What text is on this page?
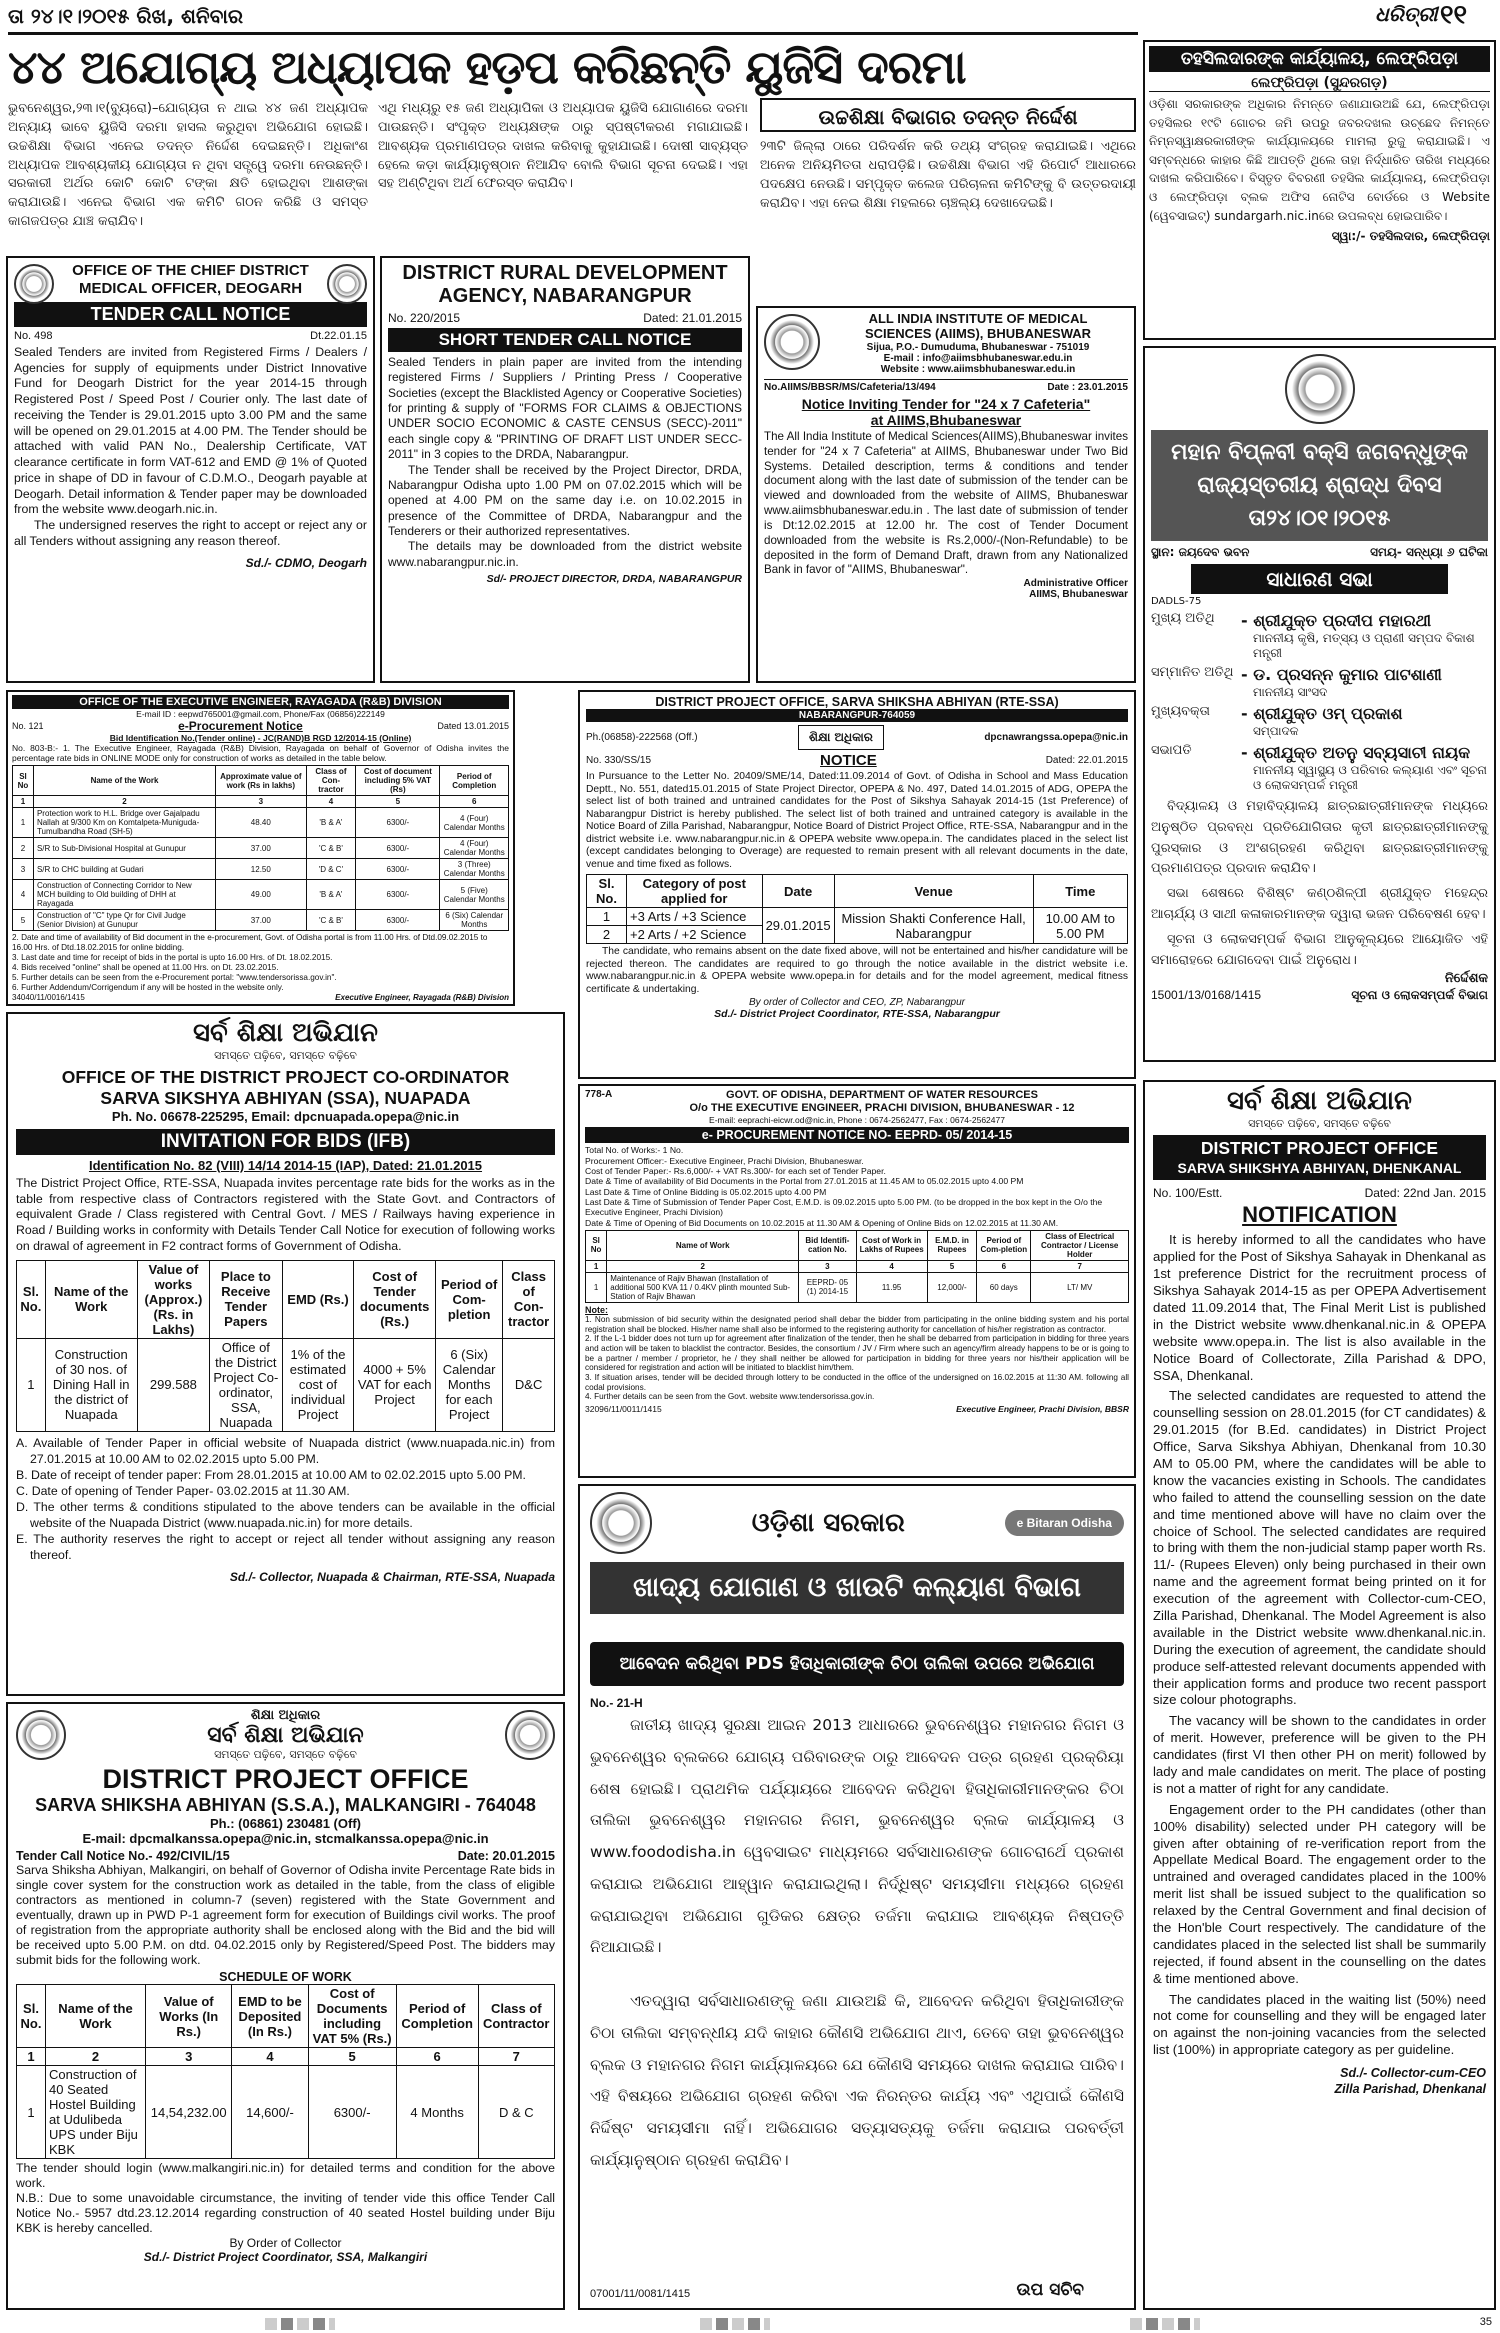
ତା ୨୪।୧।୨୦୧୫ ରିଖ, ଶନିବାର	ଧରିତ୍ରୀ ୧୧
୪୪ ଅଯୋଗ୍ୟ ଅଧ୍ୟାପକ ହଡ଼ପ କରିଛନ୍ତି ୟୁଜିସି ଦରମା
ଭୁବନେଶ୍ୱର,୨୩।୧(ବ୍ୟୁରୋ)–ଯୋଗ୍ୟତା ନ ଥାଇ ୪୪ ଜଣ ଅଧ୍ୟାପକ ଅନ୍ୟାୟ ଭାବେ ୟୁଜିସି ଦରମା ହାସଲ କରୁଥିବା ଅଭିଯୋଗ ହୋଇଛି। ଉଚ୍ଚଶିକ୍ଷା ବିଭାଗ ଏନେଇ ତଦନ୍ତ ନିର୍ଦ୍ଦେଶ ଦେଇଛନ୍ତି। ଅଧିକାଂଶ ଅଧ୍ୟାପକ ଆବଶ୍ୟକୀୟ ଯୋଗ୍ୟତା ନ ଥିବା ସତ୍ତ୍ୱେ ଦରମା ନେଉଛନ୍ତି। ସରକାରୀ ଅର୍ଥର କୋଟି କୋଟି ଟଙ୍କା କ୍ଷତି ହୋଇଥିବା ଆଶଙ୍କା କରାଯାଉଛି। ଏନେଇ ବିଭାଗ ଏକ କମିଟି ଗଠନ କରିଛି ଓ ସମସ୍ତ କାଗଜପତ୍ର ଯାଞ୍ଚ କରାଯିବ।
ଏଥି ମଧ୍ୟରୁ ୧୫ ଜଣ ଅଧ୍ୟାପିକା ଓ ଅଧ୍ୟାପକ ୟୁଜିସି ଯୋଗାଣରେ ଦରମା ପାଉଛନ୍ତି। ସଂପୃକ୍ତ ଅଧ୍ୟକ୍ଷଙ୍କ ଠାରୁ ସ୍ପଷ୍ଟୀକରଣ ମଗାଯାଇଛି। ଆବଶ୍ୟକ ପ୍ରମାଣପତ୍ର ଦାଖଲ କରିବାକୁ କୁହାଯାଇଛି। ଦୋଷୀ ସାବ୍ୟସ୍ତ ହେଲେ କଡ଼ା କାର୍ଯ୍ୟାନୁଷ୍ଠାନ ନିଆଯିବ ବୋଲି ବିଭାଗ ସୂଚନା ଦେଇଛି। ଏହା ସହ ଅଣ୍ଟିଥିବା ଅର୍ଥ ଫେରସ୍ତ କରାଯିବ।
ଉଚ୍ଚଶିକ୍ଷା ବିଭାଗର ତଦନ୍ତ ନିର୍ଦ୍ଦେଶ
୨୩ଟି ଜିଲ୍ଲା ଠାରେ ପରିଦର୍ଶନ କରି ତଥ୍ୟ ସଂଗ୍ରହ କରାଯାଇଛି। ଏଥିରେ ଅନେକ ଅନିୟମିତତା ଧରାପଡ଼ିଛି। ଉଚ୍ଚଶିକ୍ଷା ବିଭାଗ ଏହି ରିପୋର୍ଟ ଆଧାରରେ ପଦକ୍ଷେପ ନେଉଛି। ସମ୍ପୃକ୍ତ କଲେଜ ପରିଚାଳନା କମିଟିଙ୍କୁ ବି ଉତ୍ତରଦାୟୀ କରାଯିବ। ଏହା ନେଇ ଶିକ୍ଷା ମହଲରେ ଚାଞ୍ଚଲ୍ୟ ଦେଖାଦେଇଛି।
ତହସିଲଦାରଙ୍କ କାର୍ଯ୍ୟାଳୟ, ଲେଫ୍ରିପଡ଼ା
ଲେଫ୍ରିପଡ଼ା (ସୁନ୍ଦରଗଡ଼)

ଓଡ଼ିଶା ସରକାରଙ୍କ ଅଧିକାର ନିମନ୍ତେ ଜଣାଯାଉଅଛି ଯେ, ଲେଫ୍ରିପଡ଼ା ତହସିଲର ୧୯ଟି ଗୋଚର ଜମି ଉପରୁ ଜବରଦଖଲ ଉଚ୍ଛେଦ ନିମନ୍ତେ ନିମ୍ନସ୍ୱାକ୍ଷରକାରୀଙ୍କ କାର୍ଯ୍ୟାଳୟରେ ମାମଲା ରୁଜୁ କରାଯାଇଛି। ଏ ସମ୍ବନ୍ଧରେ କାହାର କିଛି ଆପତ୍ତି ଥିଲେ ତାହା ନିର୍ଦ୍ଧାରିତ ତାରିଖ ମଧ୍ୟରେ ଦାଖଲ କରିପାରିବେ। ବିସ୍ତୃତ ବିବରଣୀ ତହସିଲ କାର୍ଯ୍ୟାଳୟ, ଲେଫ୍ରିପଡ଼ା ଓ ଲେଫ୍ରିପଡ଼ା ବ୍ଲକ ଅଫିସ ନୋଟିସ ବୋର୍ଡରେ ଓ Website (ୱେବସାଇଟ୍) sundargarh.nic.inରେ ଉପଲବ୍ଧ ହୋଇପାରିବ।

ସ୍ୱା:/- ତହସିଲଦାର, ଲେଫ୍ରିପଡ଼ା
OFFICE OF THE CHIEF DISTRICT
MEDICAL OFFICER, DEOGARH
TENDER CALL NOTICE
No. 498	Dt.22.01.15

Sealed Tenders are invited from Registered Firms / Dealers / Agencies for supply of equipments under District Innovative Fund for Deogarh District for the year 2014-15 through Registered Post / Speed Post / Courier only. The last date of receiving the Tender is 29.01.2015 upto 3.00 PM and the same will be opened on 29.01.2015 at 4.00 PM. The Tender should be attached with valid PAN No., Dealership Certificate, VAT clearance certificate in form VAT-612 and EMD @ 1% of Quoted price in shape of DD in favour of C.D.M.O., Deogarh payable at Deogarh. Detail information & Tender paper may be downloaded from the website www.deogarh.nic.in.

The undersigned reserves the right to accept or reject any or all Tenders without assigning any reason thereof.

Sd./- CDMO, Deogarh
DISTRICT RURAL DEVELOPMENT
AGENCY, NABARANGPUR
No. 220/2015	Dated: 21.01.2015
SHORT TENDER CALL NOTICE

Sealed Tenders in plain paper are invited from the intending registered Firms / Suppliers / Printing Press / Cooperative Societies (except the Blacklisted Agency or Cooperative Societies) for printing & supply of "FORMS FOR CLAIMS & OBJECTIONS UNDER SOCIO ECONOMIC & CASTE CENSUS (SECC)-2011" each single copy & "PRINTING OF DRAFT LIST UNDER SECC-2011" in 3 copies to the DRDA, Nabarangpur.

The Tender shall be received by the Project Director, DRDA, Nabarangpur Odisha upto 1.00 PM on 07.02.2015 which will be opened at 4.00 PM on the same day i.e. on 10.02.2015 in presence of the Committee of DRDA, Nabarangpur and the Tenderers or their authorized representatives.

The details may be downloaded from the district website www.nabarangpur.nic.in.

Sd/- PROJECT DIRECTOR, DRDA, NABARANGPUR
ALL INDIA INSTITUTE OF MEDICAL
SCIENCES (AIIMS), BHUBANESWAR
Sijua, P.O.- Dumuduma, Bhubaneswar - 751019
E-mail : info@aiimsbhubaneswar.edu.in
Website : www.aiimsbhubaneswar.edu.in
No.AIIMS/BBSR/MS/Cafeteria/13/494	Date : 23.01.2015
Notice Inviting Tender for "24 x 7 Cafeteria"
at AIIMS,Bhubaneswar

The All India Institute of Medical Sciences(AIIMS),Bhubaneswar invites tender for "24 x 7 Cafeteria" at AIIMS, Bhubaneswar under Two Bid Systems. Detailed description, terms & conditions and tender document along with the last date of submission of the tender can be viewed and downloaded from the website of AIIMS, Bhubaneswar www.aiimsbhubaneswar.edu.in . The last date of submission of tender is Dt:12.02.2015 at 12.00 hr. The cost of Tender Document downloaded from the website is Rs.2,000/-(Non-Refundable) to be deposited in the form of Demand Draft, drawn from any Nationalized Bank in favor of "AIIMS, Bhubaneswar".

Administrative Officer
AIIMS, Bhubaneswar
ମହାନ ବିପ୍ଳବୀ ବକ୍ସି ଜଗବନ୍ଧୁଙ୍କ
ରାଜ୍ୟସ୍ତରୀୟ ଶ୍ରାଦ୍ଧ ଦିବସ
ତା୨୪।୦୧।୨୦୧୫
ସ୍ଥାନ: ଜୟଦେବ ଭବନ	ସମୟ- ସନ୍ଧ୍ୟା ୬ ଘଟିକା
ସାଧାରଣ ସଭା
DADLS-75
ମୁଖ୍ୟ ଅତିଥି	- ଶ୍ରୀଯୁକ୍ତ ପ୍ରଦୀପ ମହାରଥୀ
ମାନନୀୟ କୃଷି, ମତ୍ସ୍ୟ ଓ ପ୍ରାଣୀ ସମ୍ପଦ ବିକାଶ ମନ୍ତ୍ରୀ
ସମ୍ମାନିତ ଅତିଥି - ଡ. ପ୍ରସନ୍ନ କୁମାର ପାଟଶାଣୀ
ମାନନୀୟ ସାଂସଦ
ମୁଖ୍ୟବକ୍ତା	- ଶ୍ରୀଯୁକ୍ତ ଓମ୍ ପ୍ରକାଶ
ସମ୍ପାଦକ
ସଭାପତି	- ଶ୍ରୀଯୁକ୍ତ ଅତନୁ ସବ୍ୟସାଚୀ ନାୟକ
ମାନନୀୟ ସ୍ୱାସ୍ଥ୍ୟ ଓ ପରିବାର କଲ୍ୟାଣ ଏବଂ ସୂଚନା ଓ ଲୋକସମ୍ପର୍କ ମନ୍ତ୍ରୀ

ବିଦ୍ୟାଳୟ ଓ ମହାବିଦ୍ୟାଳୟ ଛାତ୍ରଛାତ୍ରୀମାନଙ୍କ ମଧ୍ୟରେ ଅନୁଷ୍ଠିତ ପ୍ରବନ୍ଧ ପ୍ରତିଯୋଗିତାର କୃତୀ ଛାତ୍ରଛାତ୍ରୀମାନଙ୍କୁ ପୁରସ୍କାର ଓ ଅଂଶଗ୍ରହଣ କରିଥିବା ଛାତ୍ରଛାତ୍ରୀମାନଙ୍କୁ ପ୍ରମାଣପତ୍ର ପ୍ରଦାନ କରାଯିବ।

ସଭା ଶେଷରେ ବିଶିଷ୍ଟ କଣ୍ଠଶିଳ୍ପୀ ଶ୍ରୀଯୁକ୍ତ ମହେନ୍ଦ୍ର ଆଚାର୍ଯ୍ୟ ଓ ସାଥୀ କଳାକାରମାନଙ୍କ ଦ୍ୱାରା ଭଜନ ପରିବେଷଣ ହେବ।

ସୂଚନା ଓ ଲୋକସମ୍ପର୍କ ବିଭାଗ ଆନୁକୂଲ୍ୟରେ ଆୟୋଜିତ ଏହି ସମାରୋହରେ ଯୋଗଦେବା ପାଇଁ ଅନୁରୋଧ।

ନିର୍ଦ୍ଦେଶକ
15001/13/0168/1415	ସୂଚନା ଓ ଲୋକସମ୍ପର୍କ ବିଭାଗ
OFFICE OF THE EXECUTIVE ENGINEER, RAYAGADA (R&B) DIVISION
E-mail ID : eepwd765001@gmail.com, Phone/Fax (06856)222149
No. 121	e-Procurement Notice	Dated 13.01.2015
Bid Identification No.(Tender online) - JC(RAND)B RGD 12/2014-15 (Online)

No. 803-B:- 1. The Executive Engineer, Rayagada (R&B) Division, Rayagada on behalf of Governor of Odisha invites the percentage rate bids in ONLINE MODE only for construction of works as detailed in the table below.

Sl No	Name of the Work	Approximate value of work (Rs in lakhs)	Class of Con-tractor	Cost of document including 5% VAT (Rs)	Period of Completion
1	2	3	4	5	6
1	Protection work to H.L. Bridge over Gajalpadu Nallah at 9/300 Km on Komtalpeta-Muniguda- Tumulbandha Road (SH-5)	48.40	'B & A'	6300/-	4 (Four) Calendar Months
2	S/R to Sub-Divisional Hospital at Gunupur	37.00	'C & B'	6300/-	4 (Four) Calendar Months
3	S/R to CHC building at Gudari	12.50	'D & C'	6300/-	3 (Three) Calendar Months
4	Construction of Connecting Corridor to New MCH building to Old building of DHH at Rayagada	49.00	'B & A'	6300/-	5 (Five) Calendar Months
5	Construction of "C" type Qr for Civil Judge (Senior Division) at Gunupur	37.00	'C & B'	6300/-	6 (Six) Calendar Months
2. Date and time of availability of Bid document in the e-procurement, Govt. of Odisha portal is from 11.00 Hrs. of Dtd.09.02.2015 to 16.00 Hrs. of Dtd.18.02.2015 for online bidding.
3. Last date and time for receipt of bids in the portal is upto 16.00 Hrs. of Dt. 18.02.2015.
4. Bids received "online" shall be opened at 11.00 Hrs. on Dt. 23.02.2015.
5. Further details can be seen from the e-Procurement portal: "www.tendersorissa.gov.in".
6. Further Addendum/Corrigendum if any will be hosted in the website only.
34040/11/0016/1415	Executive Engineer, Rayagada (R&B) Division
DISTRICT PROJECT OFFICE, SARVA SHIKSHA ABHIYAN (RTE-SSA)
NABARANGPUR-764059
Ph.(06858)-222568 (Off.)	ଶିକ୍ଷା ଅଧିକାର	dpcnawrangssa.opepa@nic.in
No. 330/SS/15	NOTICE	Dated: 22.01.2015

In Pursuance to the Letter No. 20409/SME/14, Dated:11.09.2014 of Govt. of Odisha in School and Mass Education Deptt., No. 551, dated15.01.2015 of State Project Director, OPEPA & No. 497, Dated 14.01.2015 of ADG, OPEPA the select list of both trained and untrained candidates for the Post of Sikshya Sahayak 2014-15 (1st Preference) of Nabarangpur District is hereby published. The select list of both trained and untrained category is available in the Notice Board of Zilla Parishad, Nabarangpur, Notice Board of District Project Office, RTE-SSA, Nabarangpur and in the district website i.e. www.nabarangpur.nic.in & OPEPA website www.opepa.in. The candidates placed in the select list (except candidates belonging to Overage) are requested to remain present with all relevant documents in the date, venue and time fixed as follows.

Sl. No.	Category of post applied for	Date	Venue	Time
1	+3 Arts / +3 Science	29.01.2015	Mission Shakti Conference Hall, Nabarangpur	10.00 AM to 5.00 PM
2	+2 Arts / +2 Science			

The candidate, who remains absent on the date fixed above, will not be entertained and his/her candidature will be rejected thereon. The candidates are required to go through the notice available in the district website i.e. www.nabarangpur.nic.in & OPEPA website www.opepa.in for details and for the model agreement, medical fitness certificate & undertaking.

By order of Collector and CEO, ZP, Nabarangpur
Sd./- District Project Coordinator, RTE-SSA, Nabarangpur
ସର୍ବ ଶିକ୍ଷା ଅଭିଯାନ
ସମସ୍ତେ ପଢ଼ିବେ, ସମସ୍ତେ ବଢ଼ିବେ
OFFICE OF THE DISTRICT PROJECT CO-ORDINATOR
SARVA SIKSHYA ABHIYAN (SSA), NUAPADA
Ph. No. 06678-225295, Email: dpcnuapada.opepa@nic.in
INVITATION FOR BIDS (IFB)
Identification No. 82 (VIII) 14/14 2014-15 (IAP), Dated: 21.01.2015

The District Project Office, RTE-SSA, Nuapada invites percentage rate bids for the works as in the table from respective class of Contractors registered with the State Govt. and Contractors of equivalent Grade / Class registered with Central Govt. / MES / Railways having experience in Road / Building works in conformity with Details Tender Call Notice for execution of following works on drawal of agreement in F2 contract forms of Government of Odisha.

Sl. No.	Name of the Work	Value of works (Approx.) (Rs. in Lakhs)	Place to Receive Tender Papers	EMD (Rs.)	Cost of Tender documents (Rs.)	Period of Com-pletion	Class of Con-tractor
1	Construction of 30 nos. of Dining Hall in the district of Nuapada	299.588	Office of the District Project Co-ordinator, SSA, Nuapada	1% of the estimated cost of individual Project	4000 + 5% VAT for each Project	6 (Six) Calendar Months for each Project	D&C
A. Available of Tender Paper in official website of Nuapada district (www.nuapada.nic.in) from 27.01.2015 at 10.00 AM to 02.02.2015 upto 5.00 PM.
B. Date of receipt of tender paper: From 28.01.2015 at 10.00 AM to 02.02.2015 upto 5.00 PM.
C. Date of opening of Tender Paper- 03.02.2015 at 11.30 AM.
D. The other terms & conditions stipulated to the above tenders can be available in the official website of the Nuapada District (www.nuapada.nic.in) for more details.
E. The authority reserves the right to accept or reject all tender without assigning any reason thereof.
Sd./- Collector, Nuapada & Chairman, RTE-SSA, Nuapada
778-A	GOVT. OF ODISHA, DEPARTMENT OF WATER RESOURCES
O/o THE EXECUTIVE ENGINEER, PRACHI DIVISION, BHUBANESWAR - 12
E-mail: eeprachi-eicwr.od@nic.in, Phone : 0674-2562477, Fax : 0674-2562477
e- PROCUREMENT NOTICE NO- EEPRD- 05/ 2014-15
Total No. of Works:- 1 No.
Procurement Officer:- Executive Engineer, Prachi Division, Bhubaneswar.
Cost of Tender Paper:- Rs.6,000/- + VAT Rs.300/- for each set of Tender Paper.
Date & Time of availability of Bid Documents in the Portal from 27.01.2015 at 11.45 AM to 05.02.2015 upto 4.00 PM
Last Date & Time of Online Bidding is 05.02.2015 upto 4.00 PM
Last Date & Time of Submission of Tender Paper Cost, E.M.D. is 09.02.2015 upto 5.00 PM. (to be dropped in the box kept in the O/o the Executive Engineer, Prachi Division)
Date & Time of Opening of Bid Documents on 10.02.2015 at 11.30 AM & Opening of Online Bids on 12.02.2015 at 11.30 AM.
Sl No	Name of Work	Bid Identifi-cation No.	Cost of Work in Lakhs of Rupees	E.M.D. in Rupees	Period of Com-pletion	Class of Electrical Contractor / License Holder
1	2	3	4	5	6	7
1	Maintenance of Rajiv Bhawan (Installation of additional 500 KVA 11 / 0.4KV plinth mounted Sub-Station of Rajiv Bhawan	EEPRD- 05 (1) 2014-15	11.95	12,000/-	60 days	LT/ MV
Note:
1. Non submission of bid security within the designated period shall debar the bidder from participating in the online bidding system and his portal registration shall be blocked. His/her name shall also be informed to the registering authority for cancellation of his/her registration as contractor.
2. If the L-1 bidder does not turn up for agreement after finalization of the tender, then he shall be debarred from participation in bidding for three years and action will be taken to blacklist the contractor. Besides, the consortium / JV / Firm where such an agency/firm already happens to be or is going to be a partner / member / proprietor, he / they shall neither be allowed for participation in bidding for three years nor his/their application will be considered for registration and action will be initiated to blacklist him/them.
3. If situation arises, tender will be decided through lottery to be conducted in the office of the undersigned on 16.02.2015 at 11:30 AM. following all codal provisions.
4. Further details can be seen from the Govt. website www.tendersorissa.gov.in.
32096/11/0011/1415	Executive Engineer, Prachi Division, BBSR
ସର୍ବ ଶିକ୍ଷା ଅଭିଯାନ
ସମସ୍ତେ ପଢ଼ିବେ, ସମସ୍ତେ ବଢ଼ିବେ
DISTRICT PROJECT OFFICE
SARVA SHIKSHYA ABHIYAN, DHENKANAL
No. 100/Estt.	Dated: 22nd Jan. 2015
NOTIFICATION

It is hereby informed to all the candidates who have applied for the Post of Sikshya Sahayak in Dhenkanal as 1st preference District for the recruitment process of Sikshya Sahayak 2014-15 as per OPEPA Advertisement dated 11.09.2014 that, The Final Merit List is published in the District website www.dhenkanal.nic.in & OPEPA website www.opepa.in. The list is also available in the Notice Board of Collectorate, Zilla Parishad & DPO, SSA, Dhenkanal.

The selected candidates are requested to attend the counselling session on 28.01.2015 (for CT candidates) & 29.01.2015 (for B.Ed. candidates) in District Project Office, Sarva Sikshya Abhiyan, Dhenkanal from 10.30 AM to 05.00 PM, where the candidates will be able to know the vacancies existing in Schools. The candidates who failed to attend the counselling session on the date and time mentioned above will have no claim over the choice of School. The selected candidates are required to bring with them the non-judicial stamp paper worth Rs. 11/- (Rupees Eleven) only being purchased in their own name and the agreement format being printed on it for execution of the agreement with Collector-cum-CEO, Zilla Parishad, Dhenkanal. The Model Agreement is also available in the District website www.dhenkanal.nic.in. During the execution of agreement, the candidate should produce self-attested relevant documents appended with their application forms and produce two recent passport size colour photographs.

The vacancy will be shown to the candidates in order of merit. However, preference will be given to the PH candidates (first VI then other PH on merit) followed by lady and male candidates on merit. The place of posting is not a matter of right for any candidate.

Engagement order to the PH candidates (other than 100% disability) selected under PH category will be given after obtaining of re-verification report from the Appellate Medical Board. The engagement order to the untrained and overaged candidates placed in the 100% merit list shall be issued subject to the qualification so relaxed by the Central Government and final decision of the Hon'ble Court respectively. The candidature of the candidates placed in the selected list shall be summarily rejected, if found absent in the counselling on the dates & time mentioned above.

The candidates placed in the waiting list (50%) need not come for counselling and they will be engaged later on against the non-joining vacancies from the selected list (100%) in appropriate category as per guideline.

Sd./- Collector-cum-CEO
Zilla Parishad, Dhenkanal
ଓଡ଼ିଶା ସରକାର	e Bitaran Odisha
ଖାଦ୍ୟ ଯୋଗାଣ ଓ ଖାଉଟି କଲ୍ୟାଣ ବିଭାଗ
ଆବେଦନ କରିଥିବା PDS ହିତାଧିକାରୀଙ୍କ ଚିଠା ତାଲିକା ଉପରେ ଅଭିଯୋଗ
No.- 21-H

ଜାତୀୟ ଖାଦ୍ୟ ସୁରକ୍ଷା ଆଇନ 2013 ଆଧାରରେ ଭୁବନେଶ୍ୱର ମହାନଗର ନିଗମ ଓ ଭୁବନେଶ୍ୱର ବ୍ଲକରେ ଯୋଗ୍ୟ ପରିବାରଙ୍କ ଠାରୁ ଆବେଦନ ପତ୍ର ଗ୍ରହଣ ପ୍ରକ୍ରିୟା ଶେଷ ହୋଇଛି। ପ୍ରାଥମିକ ପର୍ଯ୍ୟାୟରେ ଆବେଦନ କରିଥିବା ହିତାଧିକାରୀମାନଙ୍କର ଚିଠା ତାଲିକା ଭୁବନେଶ୍ୱର ମହାନଗର ନିଗମ, ଭୁବନେଶ୍ୱର ବ୍ଲକ କାର୍ଯ୍ୟାଳୟ ଓ www.foododisha.in ୱେବସାଇଟ ମାଧ୍ୟମରେ ସର୍ବସାଧାରଣଙ୍କ ଗୋଚରାର୍ଥେ ପ୍ରକାଶ କରାଯାଇ ଅଭିଯୋଗ ଆହ୍ୱାନ କରାଯାଇଥିଲା। ନିର୍ଦ୍ଧିଷ୍ଟ ସମୟସୀମା ମଧ୍ୟରେ ଗ୍ରହଣ କରାଯାଇଥିବା ଅଭିଯୋଗ ଗୁଡିକର କ୍ଷେତ୍ର ତର୍ଜମା କରାଯାଇ ଆବଶ୍ୟକ ନିଷ୍ପତ୍ତି ନିଆଯାଇଛି।

ଏତଦ୍ୱାରା ସର୍ବସାଧାରଣଙ୍କୁ ଜଣା ଯାଉଅଛି କି, ଆବେଦନ କରିଥିବା ହିତାଧିକାରୀଙ୍କ ଚିଠା ତାଲିକା ସମ୍ବନ୍ଧୀୟ ଯଦି କାହାର କୌଣସି ଅଭିଯୋଗ ଥାଏ, ତେବେ ତାହା ଭୁବନେଶ୍ୱର ବ୍ଲକ ଓ ମହାନଗର ନିଗମ କାର୍ଯ୍ୟାଳୟରେ ଯେ କୌଣସି ସମୟରେ ଦାଖଲ କରାଯାଇ ପାରିବ। ଏହି ବିଷୟରେ ଅଭିଯୋଗ ଗ୍ରହଣ କରିବା ଏକ ନିରନ୍ତର କାର୍ଯ୍ୟ ଏବଂ ଏଥିପାଇଁ କୌଣସି ନିର୍ଦ୍ଦିଷ୍ଟ ସମୟସୀମା ନାହିଁ। ଅଭିଯୋଗର ସତ୍ୟାସତ୍ୟକୁ ତର୍ଜମା କରାଯାଇ ପରବର୍ତ୍ତୀ କାର୍ଯ୍ୟାନୁଷ୍ଠାନ ଗ୍ରହଣ କରାଯିବ।

07001/11/0081/1415	ଉପ ସଚିବ
ଶିକ୍ଷା ଅଧିକାର
ସର୍ବ ଶିକ୍ଷା ଅଭିଯାନ
ସମସ୍ତେ ପଢ଼ିବେ, ସମସ୍ତେ ବଢ଼ିବେ
DISTRICT PROJECT OFFICE
SARVA SHIKSHA ABHIYAN (S.S.A.), MALKANGIRI - 764048
Ph.: (06861) 230481 (Off)
E-mail: dpcmalkanssa.opepa@nic.in, stcmalkanssa.opepa@nic.in
Tender Call Notice No.- 492/CIVIL/15	Date: 20.01.2015

Sarva Shiksha Abhiyan, Malkangiri, on behalf of Governor of Odisha invite Percentage Rate bids in single cover system for the construction work as detailed in the table, from the class of eligible contractors as mentioned in column-7 (seven) registered with the State Government and eventually, drawn up in PWD P-1 agreement form for execution of Buildings civil works. The proof of registration from the appropriate authority shall be enclosed along with the Bid and the bid will be received upto 5.00 P.M. on dtd. 04.02.2015 only by Registered/Speed Post. The bidders may submit bids for the following work.

SCHEDULE OF WORK
Sl. No.	Name of the Work	Value of Works (In Rs.)	EMD to be Deposited (In Rs.)	Cost of Documents including VAT 5% (Rs.)	Period of Completion	Class of Contractor
1	2	3	4	5	6	7
1	Construction of 40 Seated Hostel Building at Udulibeda UPS under Biju KBK	14,54,232.00	14,600/-	6300/-	4 Months	D & C

The tender should login (www.malkangiri.nic.in) for detailed terms and condition for the above work.

N.B.: Due to some unavoidable circumstance, the inviting of tender vide this office Tender Call Notice No.- 5957 dtd.23.12.2014 regarding construction of 40 seated Hostel building under Biju KBK is hereby cancelled.

By Order of Collector
Sd./- District Project Coordinator, SSA, Malkangiri
35
